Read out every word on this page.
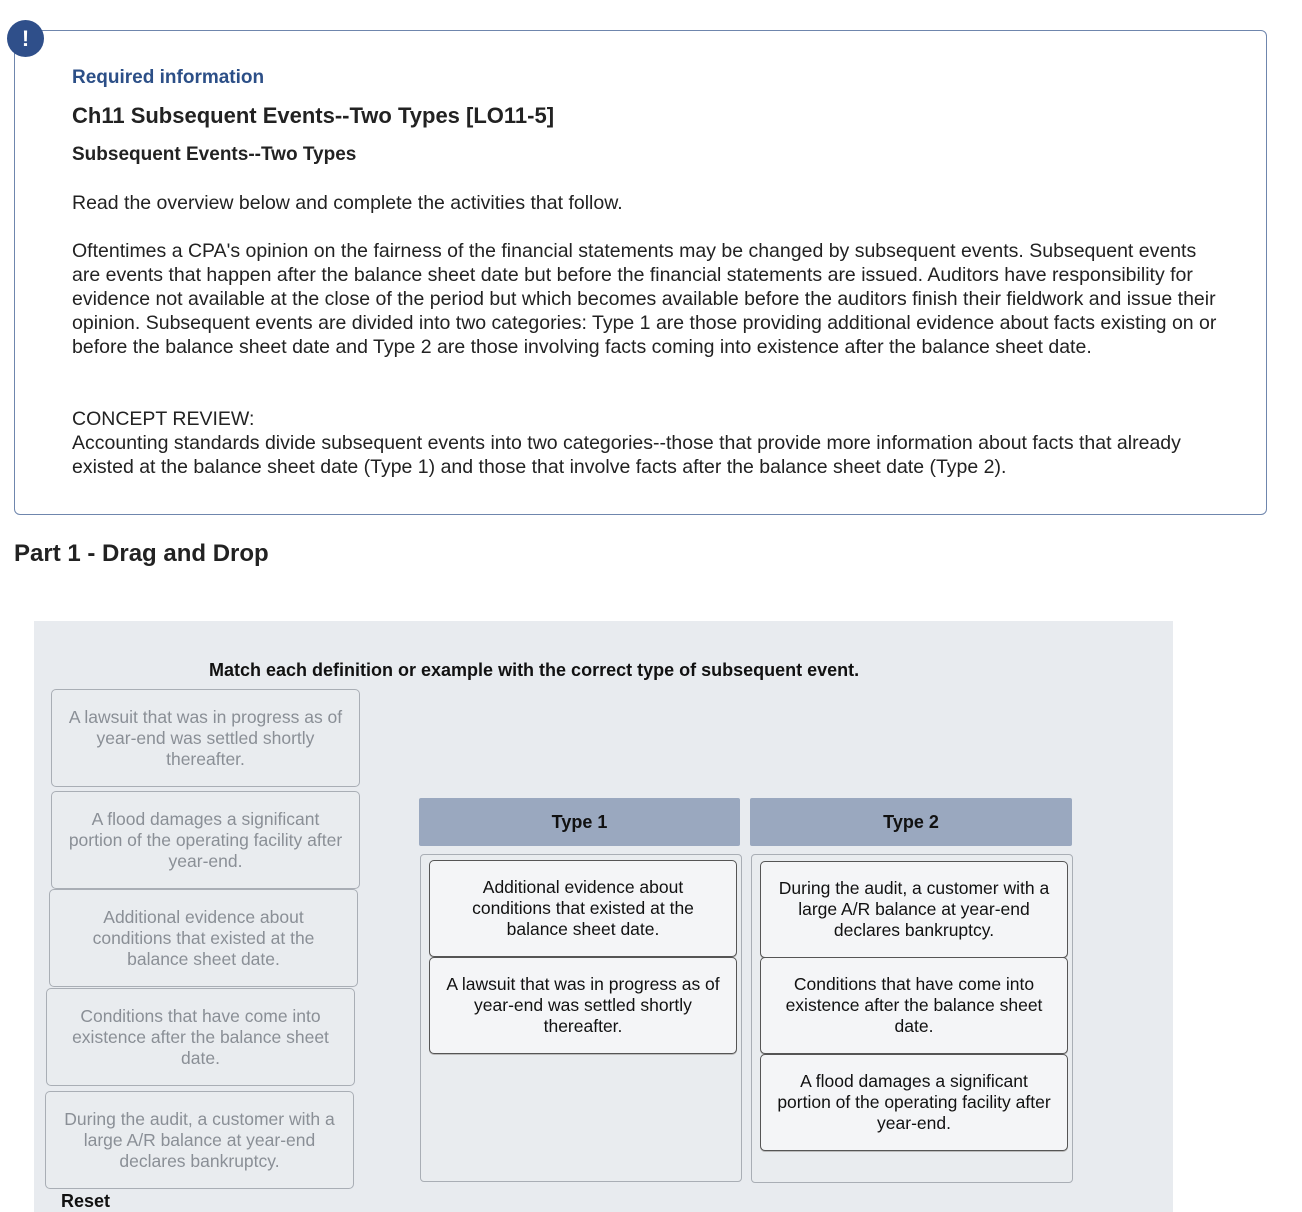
!
Required information
Ch11 Subsequent Events--Two Types [LO11-5]
Subsequent Events--Two Types

Read the overview below and complete the activities that follow.

Oftentimes a CPA's opinion on the fairness of the financial statements may be changed by subsequent events. Subsequent events are events that happen after the balance sheet date but before the financial statements are issued. Auditors have responsibility for evidence not available at the close of the period but which becomes available before the auditors finish their fieldwork and issue their opinion. Subsequent events are divided into two categories: Type 1 are those providing additional evidence about facts existing on or before the balance sheet date and Type 2 are those involving facts coming into existence after the balance sheet date.

CONCEPT REVIEW:
Accounting standards divide subsequent events into two categories--those that provide more information about facts that already existed at the balance sheet date (Type 1) and those that involve facts after the balance sheet date (Type 2).
Part 1 - Drag and Drop

Match each definition or example with the correct type of subsequent event.

A lawsuit that was in progress as of year-end was settled shortly thereafter.
A flood damages a significant portion of the operating facility after year-end.
Additional evidence about conditions that existed at the balance sheet date.
Conditions that have come into existence after the balance sheet date.
During the audit, a customer with a large A/R balance at year-end declares bankruptcy.
Reset
Type 1
Additional evidence about conditions that existed at the balance sheet date.
A lawsuit that was in progress as of year-end was settled shortly thereafter.
Type 2
During the audit, a customer with a large A/R balance at year-end declares bankruptcy.
Conditions that have come into existence after the balance sheet date.
A flood damages a significant portion of the operating facility after year-end.
